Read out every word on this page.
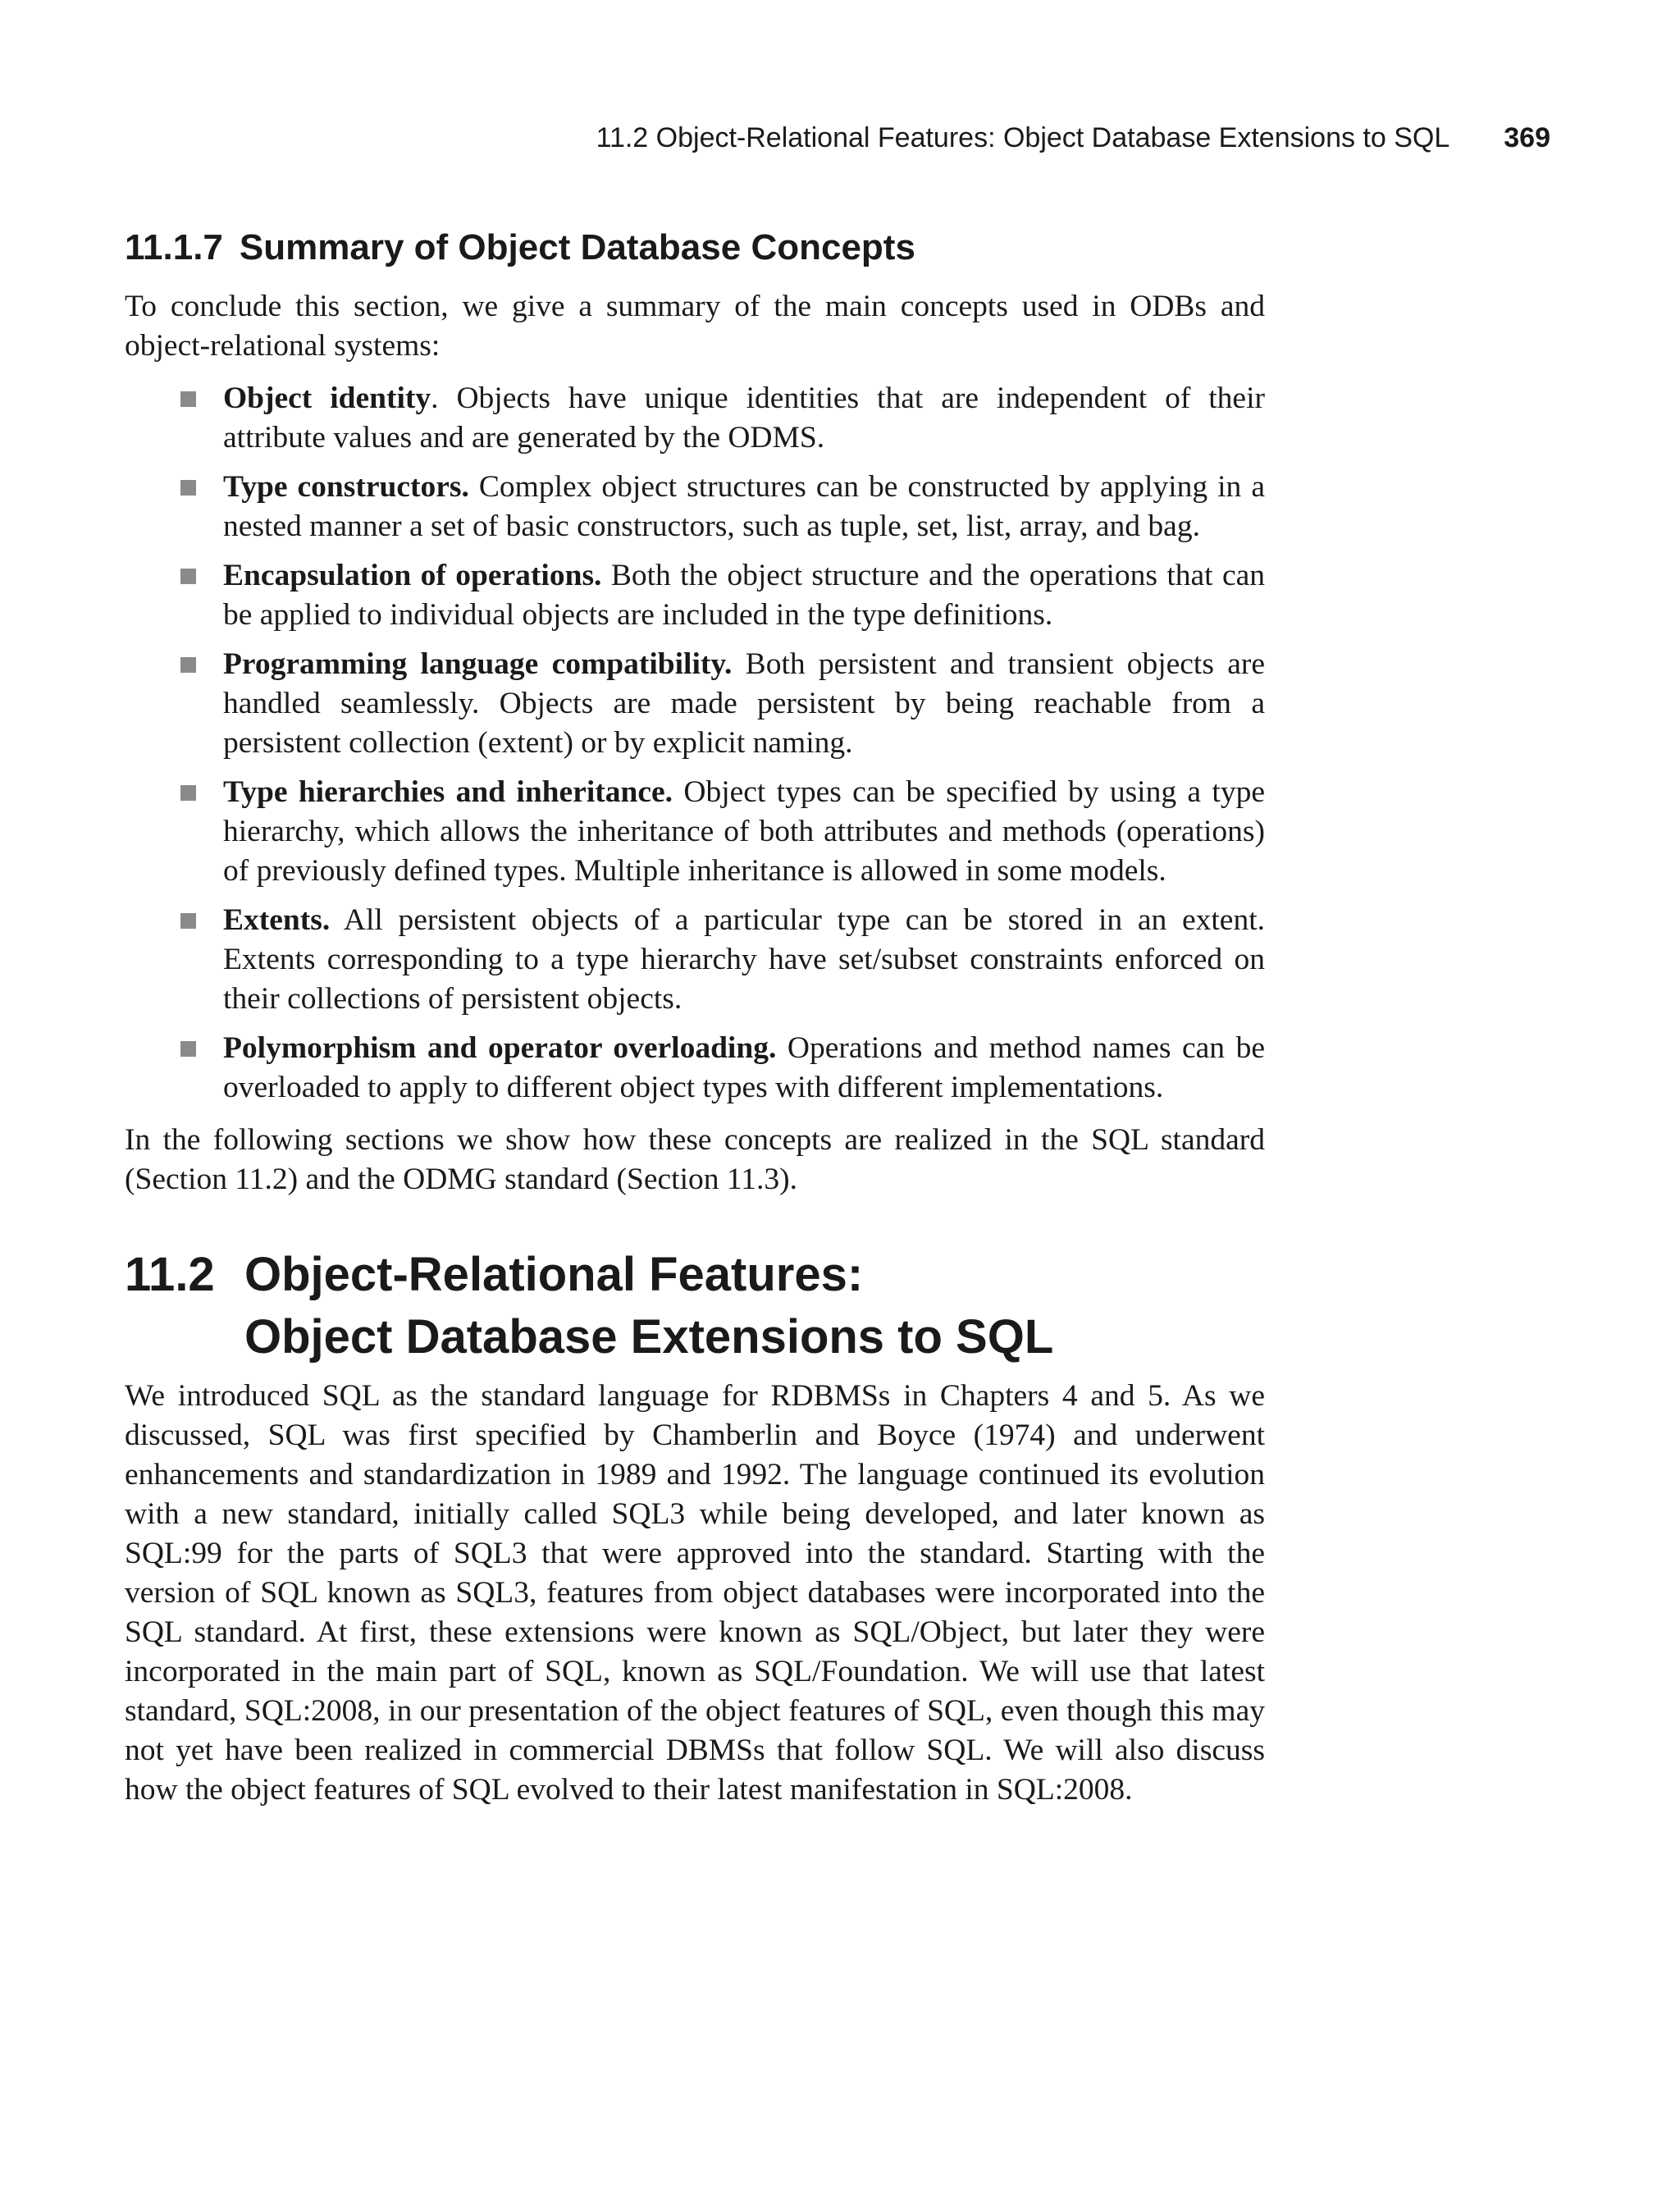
11.2 Object-Relational Features: Object Database Extensions to SQL 369
11.1.7 Summary of Object Database Concepts

To conclude this section, we give a summary of the main concepts used in ODBs and object-relational systems:

Object identity. Objects have unique identities that are independent of their attribute values and are generated by the ODMS.
Type constructors. Complex object structures can be constructed by applying in a nested manner a set of basic constructors, such as tuple, set, list, array, and bag.
Encapsulation of operations. Both the object structure and the operations that can be applied to individual objects are included in the type definitions.
Programming language compatibility. Both persistent and transient objects are handled seamlessly. Objects are made persistent by being reachable from a persistent collection (extent) or by explicit naming.
Type hierarchies and inheritance. Object types can be specified by using a type hierarchy, which allows the inheritance of both attributes and methods (operations) of previously defined types. Multiple inheritance is allowed in some models.
Extents. All persistent objects of a particular type can be stored in an extent. Extents corresponding to a type hierarchy have set/subset constraints enforced on their collections of persistent objects.
Polymorphism and operator overloading. Operations and method names can be overloaded to apply to different object types with different implementations.

In the following sections we show how these concepts are realized in the SQL standard (Section 11.2) and the ODMG standard (Section 11.3).

11.2 Object-Relational Features:
Object Database Extensions to SQL

We introduced SQL as the standard language for RDBMSs in Chapters 4 and 5. As we discussed, SQL was first specified by Chamberlin and Boyce (1974) and underwent enhancements and standardization in 1989 and 1992. The language continued its evolution with a new standard, initially called SQL3 while being developed, and later known as SQL:99 for the parts of SQL3 that were approved into the standard. Starting with the version of SQL known as SQL3, features from object databases were incorporated into the SQL standard. At first, these extensions were known as SQL/Object, but later they were incorporated in the main part of SQL, known as SQL/Foundation. We will use that latest standard, SQL:2008, in our presentation of the object features of SQL, even though this may not yet have been realized in commercial DBMSs that follow SQL. We will also discuss how the object features of SQL evolved to their latest manifestation in SQL:2008.
